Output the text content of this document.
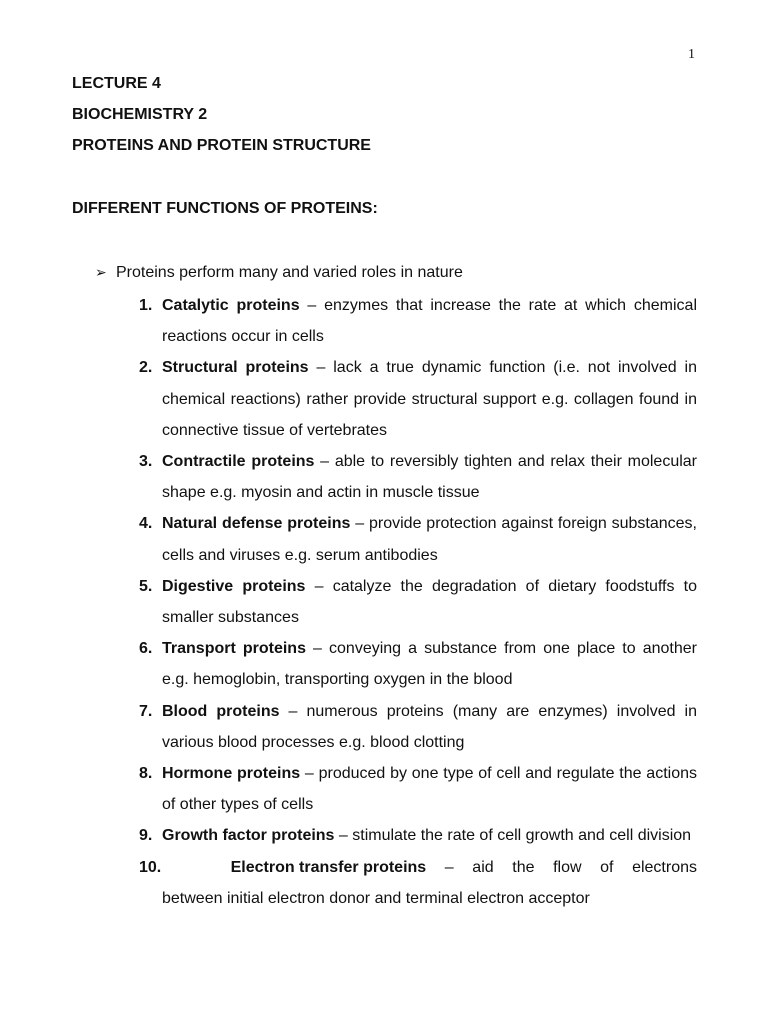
1
LECTURE 4
BIOCHEMISTRY 2
PROTEINS AND PROTEIN STRUCTURE
DIFFERENT FUNCTIONS OF PROTEINS:
➢ Proteins perform many and varied roles in nature
1. Catalytic proteins – enzymes that increase the rate at which chemical reactions occur in cells
2. Structural proteins – lack a true dynamic function (i.e. not involved in chemical reactions) rather provide structural support e.g. collagen found in connective tissue of vertebrates
3. Contractile proteins – able to reversibly tighten and relax their molecular shape e.g. myosin and actin in muscle tissue
4. Natural defense proteins – provide protection against foreign substances, cells and viruses e.g. serum antibodies
5. Digestive proteins – catalyze the degradation of dietary foodstuffs to smaller substances
6. Transport proteins – conveying a substance from one place to another e.g. hemoglobin, transporting oxygen in the blood
7. Blood proteins – numerous proteins (many are enzymes) involved in various blood processes e.g. blood clotting
8. Hormone proteins – produced by one type of cell and regulate the actions of other types of cells
9. Growth factor proteins – stimulate the rate of cell growth and cell division
10.	Electron transfer proteins – aid the flow of electrons
between initial electron donor and terminal electron acceptor
